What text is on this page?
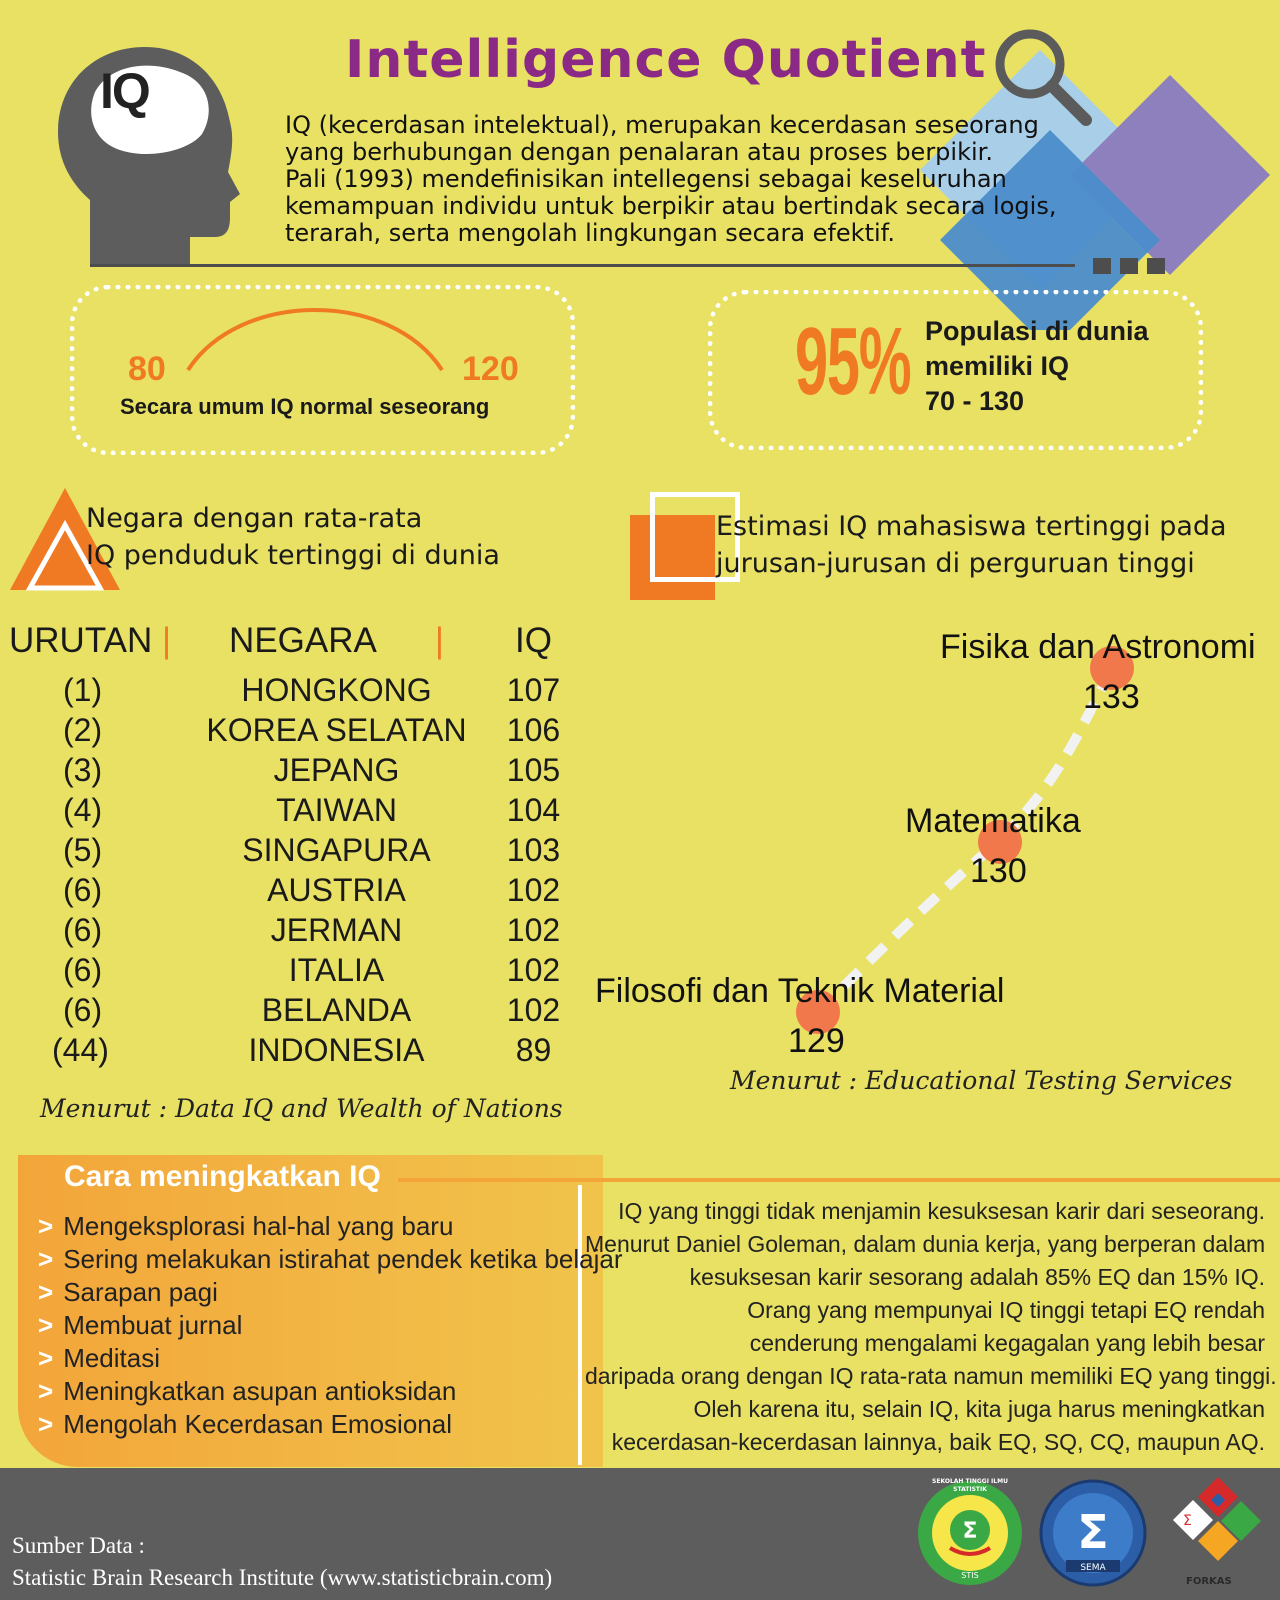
IQ
Intelligence Quotient
IQ (kecerdasan intelektual), merupakan kecerdasan seseorang
yang berhubungan dengan penalaran atau proses berpikir.
Pali (1993) mendefinisikan intellegensi sebagai keseluruhan
kemampuan individu untuk berpikir atau bertindak secara logis,
terarah, serta mengolah lingkungan secara efektif.
80	120
Secara umum IQ normal seseorang	95% Populasi di dunia
memiliki IQ
70 - 130
Negara dengan rata-rata
IQ penduduk tertinggi di dunia
Estimasi IQ mahasiswa tertinggi pada
jurusan-jurusan di perguruan tinggi
URUTAN |	NEGARA |	IQ

(1)	HONGKONG	107
(2)	KOREA SELATAN	106
(3)	JEPANG	105
(4)	TAIWAN	104
(5)	SINGAPURA	103
(6)	AUSTRIA	102
(6)	JERMAN	102
(6)	ITALIA	102
(6)	BELANDA	102
(44)	INDONESIA	89
Menurut : Data IQ and Wealth of Nations
Fisika dan Astronomi
133
Matematika
130
Filosofi dan Teknik Material
129
Menurut : Educational Testing Services
Cara meningkatkan IQ
> Mengeksplorasi hal-hal yang baru
> Sering melakukan istirahat pendek ketika belajar
> Sarapan pagi
> Membuat jurnal
> Meditasi
> Meningkatkan asupan antioksidan
> Mengolah Kecerdasan Emosional
IQ yang tinggi tidak menjamin kesuksesan karir dari seseorang.
Menurut Daniel Goleman, dalam dunia kerja, yang berperan dalam
kesuksesan karir sesorang adalah 85% EQ dan 15% IQ.
Orang yang mempunyai IQ tinggi tetapi EQ rendah
cenderung mengalami kegagalan yang lebih besar
daripada orang dengan IQ rata-rata namun memiliki EQ yang tinggi.
Oleh karena itu, selain IQ, kita juga harus meningkatkan
kecerdasan-kecerdasan lainnya, baik EQ, SQ, CQ, maupun AQ.
Sumber Data :
Statistic Brain Research Institute (www.statisticbrain.com)
Σ
STIS
SEKOLAH TINGGI ILMU STATISTIK
Σ
SEMA
Σ
FORKAS
